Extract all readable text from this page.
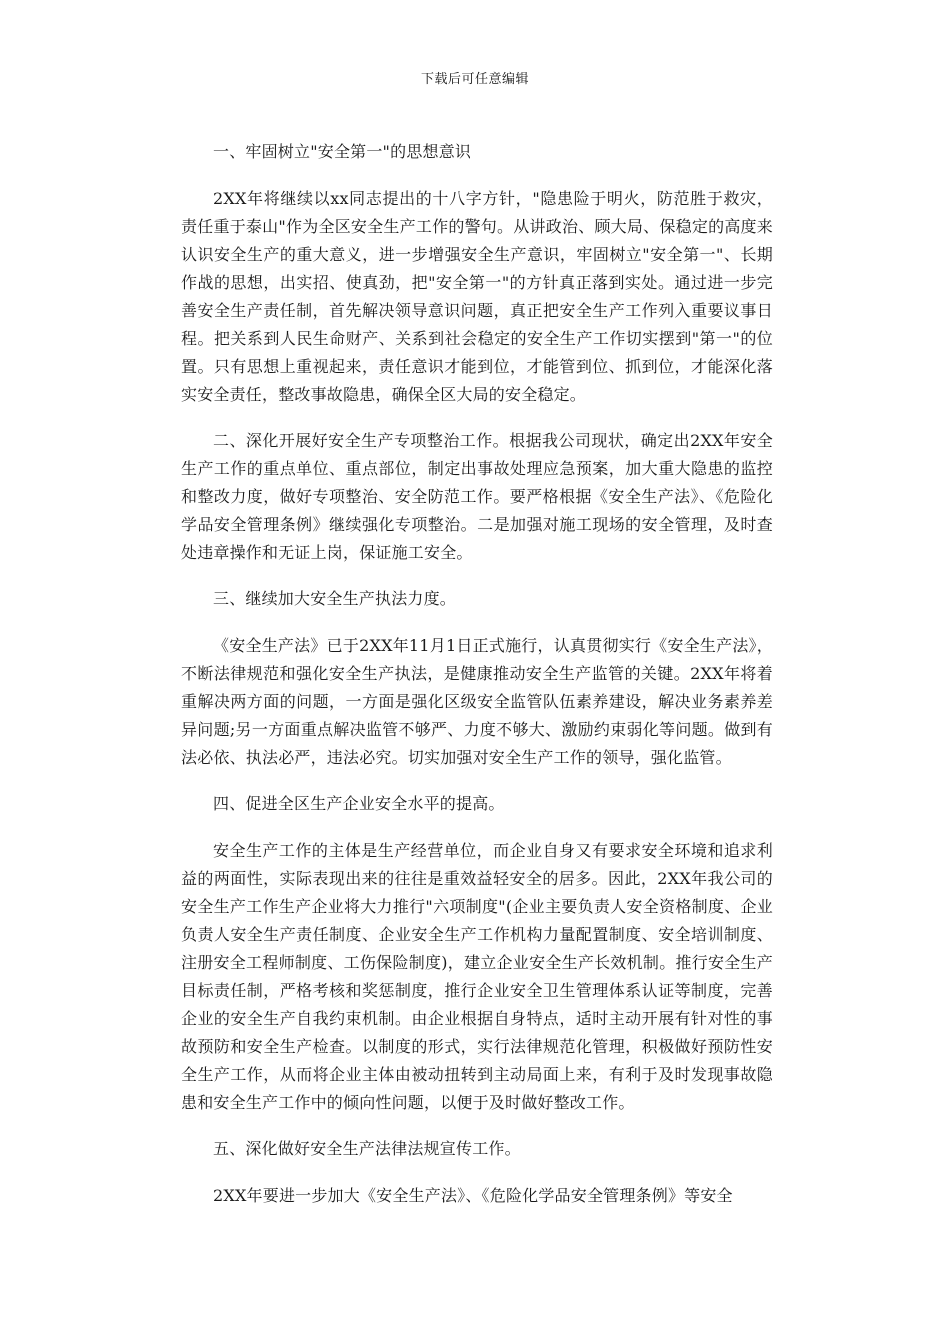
下载后可任意编辑

一、牢固树立"安全第一"的思想意识

2XX年将继续以xx同志提出的十八字方针，"隐患险于明火，防范胜于救灾，责任重于泰山"作为全区安全生产工作的警句。从讲政治、顾大局、保稳定的高度来认识安全生产的重大意义，进一步增强安全生产意识，牢固树立"安全第一"、长期作战的思想，出实招、使真劲，把"安全第一"的方针真正落到实处。通过进一步完善安全生产责任制，首先解决领导意识问题，真正把安全生产工作列入重要议事日程。把关系到人民生命财产、关系到社会稳定的安全生产工作切实摆到"第一"的位置。只有思想上重视起来，责任意识才能到位，才能管到位、抓到位，才能深化落实安全责任，整改事故隐患，确保全区大局的安全稳定。

二、深化开展好安全生产专项整治工作。根据我公司现状，确定出2XX年安全生产工作的重点单位、重点部位，制定出事故处理应急预案，加大重大隐患的监控和整改力度，做好专项整治、安全防范工作。要严格根据《安全生产法》、《危险化学品安全管理条例》继续强化专项整治。二是加强对施工现场的安全管理，及时查处违章操作和无证上岗，保证施工安全。

三、继续加大安全生产执法力度。

《安全生产法》已于2XX年11月1日正式施行，认真贯彻实行《安全生产法》，不断法律规范和强化安全生产执法，是健康推动安全生产监管的关键。2XX年将着重解决两方面的问题，一方面是强化区级安全监管队伍素养建设，解决业务素养差异问题;另一方面重点解决监管不够严、力度不够大、激励约束弱化等问题。做到有法必依、执法必严，违法必究。切实加强对安全生产工作的领导，强化监管。

四、促进全区生产企业安全水平的提高。

安全生产工作的主体是生产经营单位，而企业自身又有要求安全环境和追求利益的两面性，实际表现出来的往往是重效益轻安全的居多。因此，2XX年我公司的安全生产工作生产企业将大力推行"六项制度"(企业主要负责人安全资格制度、企业负责人安全生产责任制度、企业安全生产工作机构力量配置制度、安全培训制度、注册安全工程师制度、工伤保险制度)，建立企业安全生产长效机制。推行安全生产目标责任制，严格考核和奖惩制度，推行企业安全卫生管理体系认证等制度，完善企业的安全生产自我约束机制。由企业根据自身特点，适时主动开展有针对性的事故预防和安全生产检查。以制度的形式，实行法律规范化管理，积极做好预防性安全生产工作，从而将企业主体由被动扭转到主动局面上来，有利于及时发现事故隐患和安全生产工作中的倾向性问题，以便于及时做好整改工作。

五、深化做好安全生产法律法规宣传工作。

2XX年要进一步加大《安全生产法》、《危险化学品安全管理条例》等安全
